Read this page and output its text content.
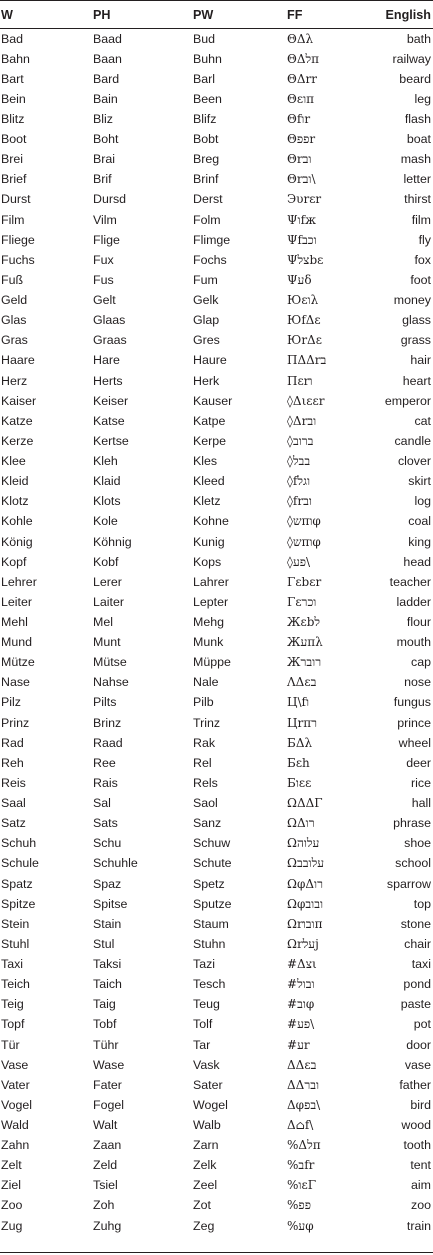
W	PH	PW	FF	English
Bad	Baad	Bud	ΘΔλ	bath
Bahn	Baan	Buhn	ΘΔלπ	railway
Bart	Bard	Barl	ΘΔrr	beard
Bein	Bain	Been	Θεוπ	leg
Blitz	Bliz	Blifz	Θfוr	flash
Boot	Boht	Bobt	Θפפr	boat
Brei	Brai	Breg	Θrוב	mash
Brief	Brif	Brinf	Θrוב\	letter
Durst	Dursd	Derst	Эυrεr	thirst
Film	Vilm	Folm	Ψוfж	film
Fliege	Flige	Flimge	Ψfוכב	fly
Fuchs	Fux	Fochs	Ψצלbε	fox
Fuß	Fus	Fum	Ψעδ	foot
Geld	Gelt	Gelk	Юεוλ	money
Glas	Glaas	Glap	ЮfΔε	glass
Gras	Graas	Gres	ЮrΔε	grass
Haare	Hare	Haure	ΠΔΔrב	hair
Herz	Herts	Herk	Πεrו	heart
Kaiser	Keiser	Kauser	◊Διεεr	emperor
Katze	Katse	Katpe	◊Δrוב	cat
Kerze	Kertse	Kerpe	◊ברוב	candle
Klee	Kleh	Kles	◊בבל	clover
Kleid	Klaid	Kleed	◊fוגל	skirt
Klotz	Klots	Kletz	◊frוב	log
Kohle	Kole	Kohne	◊שπוφ	coal
König	Köhnig	Kunig	◊שπוφ	king
Kopf	Kobf	Kops	◊פע\	head
Lehrer	Lerer	Lahrer	Γεbεr	teacher
Leiter	Laiter	Lepter	Γεוכר	ladder
Mehl	Mel	Mehg	Жεbל	flour
Mund	Munt	Munk	Жעπλ	mouth
Mütze	Mütse	Müppe	Жרובר	cap
Nase	Nahse	Nale	ΛΔεב	nose
Pilz	Pilts	Pilb	Ц\fו	fungus
Prinz	Brinz	Trinz	Цrπר	prince
Rad	Raad	Rak	БΔλ	wheel
Reh	Ree	Rel	Бεh	deer
Reis	Rais	Rels	Бוεε	rice
Saal	Sal	Saol	ΩΔΔΓ	hall
Satz	Sats	Sanz	ΩΔרו	phrase
Schuh	Schu	Schuw	Ωעלוה	shoe
Schule	Schuhle	Schute	Ωעלובב	school
Spatz	Spaz	Spetz	ΩφΔרו	sparrow
Spitze	Spitse	Sputze	Ωφובוב	top
Stein	Stain	Staum	Ωrובוπ	stone
Stuhl	Stul	Stuhn	Ωrעלϳ	chair
Taxi	Taksi	Tazi	#Δצι	taxi
Teich	Taich	Tesch	#ובול	pond
Teig	Taig	Teug	#ובφ	paste
Topf	Tobf	Tolf	#פע\	pot
Tür	Tühr	Tar	#עr	door
Vase	Wase	Vask	ΔΔεב	vase
Vater	Fater	Sater	ΔΔובר	father
Vogel	Fogel	Wogel	Δφבפ\	bird
Wald	Walt	Walb	Δ⌂f\	wood
Zahn	Zaan	Zarn	%Δלπ	tooth
Zelt	Zeld	Zelk	%בfr	tent
Ziel	Tsiel	Zeel	%וεΓ	aim
Zoo	Zoh	Zot	%פפ	zoo
Zug	Zuhg	Zeg	%עφ	train
